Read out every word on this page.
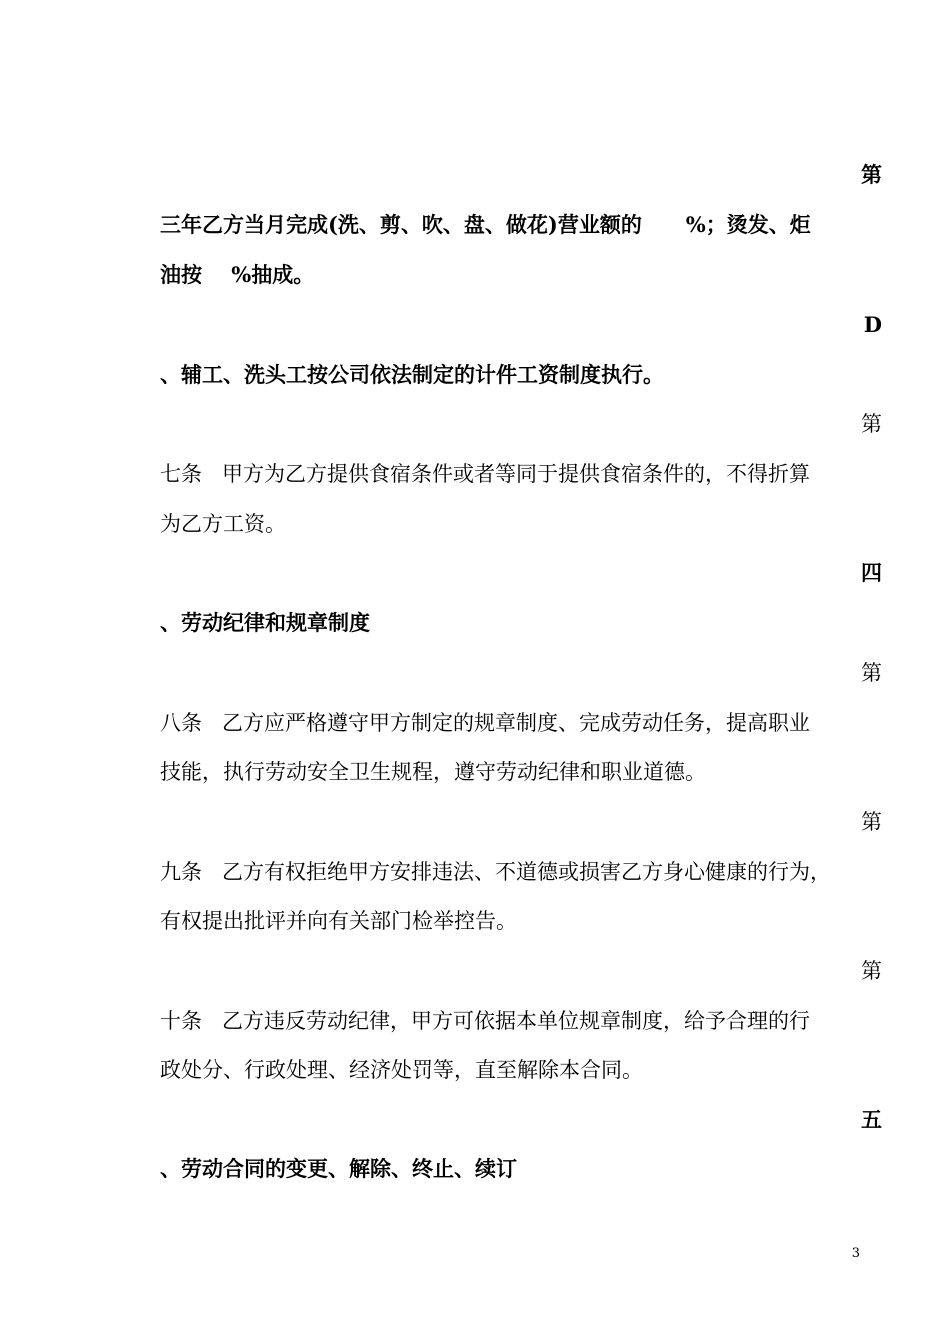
第
三年乙方当月完成(洗、剪、吹、盘、做花)营业额的      %；烫发、炬
油按    %抽成。
D
、辅工、洗头工按公司依法制定的计件工资制度执行。
第
七条   甲方为乙方提供食宿条件或者等同于提供食宿条件的，不得折算
为乙方工资。
四
、劳动纪律和规章制度
第
八条   乙方应严格遵守甲方制定的规章制度、完成劳动任务，提高职业
技能，执行劳动安全卫生规程，遵守劳动纪律和职业道德。
第
九条   乙方有权拒绝甲方安排违法、不道德或损害乙方身心健康的行为，
有权提出批评并向有关部门检举控告。
第
十条   乙方违反劳动纪律，甲方可依据本单位规章制度，给予合理的行
政处分、行政处理、经济处罚等，直至解除本合同。
五
、劳动合同的变更、解除、终止、续订
3
